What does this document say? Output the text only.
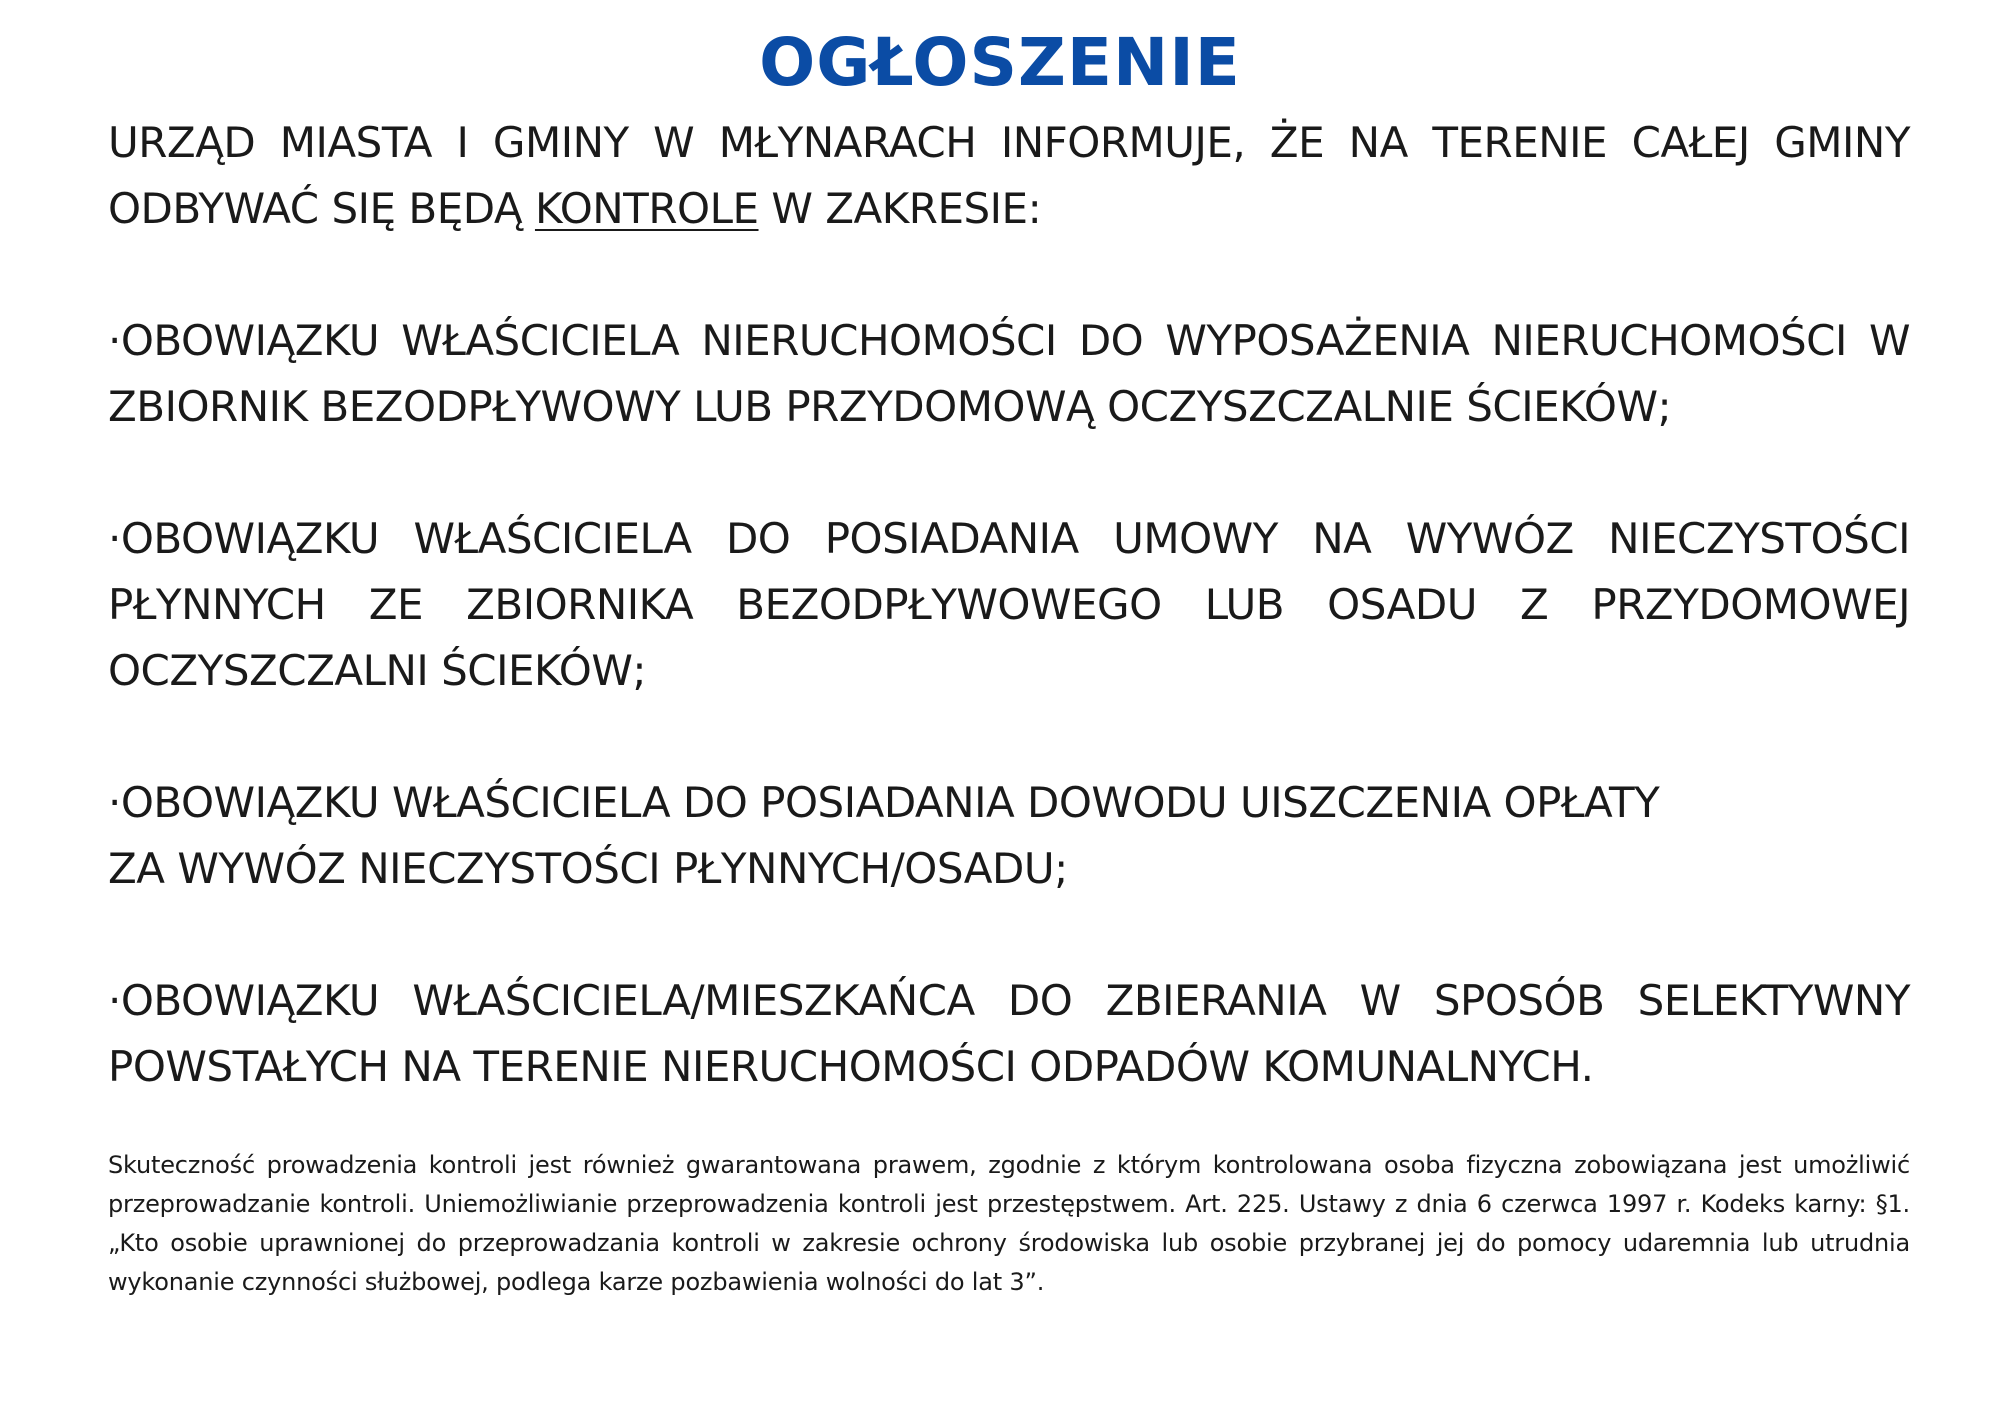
OGŁOSZENIE

URZĄD MIASTA I GMINY W MŁYNARACH INFORMUJE, ŻE NA TERENIE CAŁEJ GMINY ODBYWAĆ SIĘ BĘDĄ KONTROLE W ZAKRESIE:

·OBOWIĄZKU WŁAŚCICIELA NIERUCHOMOŚCI DO WYPOSAŻENIA NIERUCHOMOŚCI W ZBIORNIK BEZODPŁYWOWY LUB PRZYDOMOWĄ OCZYSZCZALNIE ŚCIEKÓW;

·OBOWIĄZKU WŁAŚCICIELA DO POSIADANIA UMOWY NA WYWÓZ NIECZYSTOŚCI PŁYNNYCH ZE ZBIORNIKA BEZODPŁYWOWEGO LUB OSADU Z PRZYDOMOWEJ OCZYSZCZALNI ŚCIEKÓW;

·OBOWIĄZKU WŁAŚCICIELA DO POSIADANIA DOWODU UISZCZENIA OPŁATY
ZA WYWÓZ NIECZYSTOŚCI PŁYNNYCH/OSADU;

·OBOWIĄZKU WŁAŚCICIELA/MIESZKAŃCA DO ZBIERANIA W SPOSÓB SELEKTYWNY POWSTAŁYCH NA TERENIE NIERUCHOMOŚCI ODPADÓW KOMUNALNYCH.

Skuteczność prowadzenia kontroli jest również gwarantowana prawem, zgodnie z którym kontrolowana osoba fizyczna zobowiązana jest umożliwić przeprowadzanie kontroli. Uniemożliwianie przeprowadzenia kontroli jest przestępstwem. Art. 225. Ustawy z dnia 6 czerwca 1997 r. Kodeks karny: §1. „Kto osobie uprawnionej do przeprowadzania kontroli w zakresie ochrony środowiska lub osobie przybranej jej do pomocy udaremnia lub utrudnia wykonanie czynności służbowej, podlega karze pozbawienia wolności do lat 3”.
